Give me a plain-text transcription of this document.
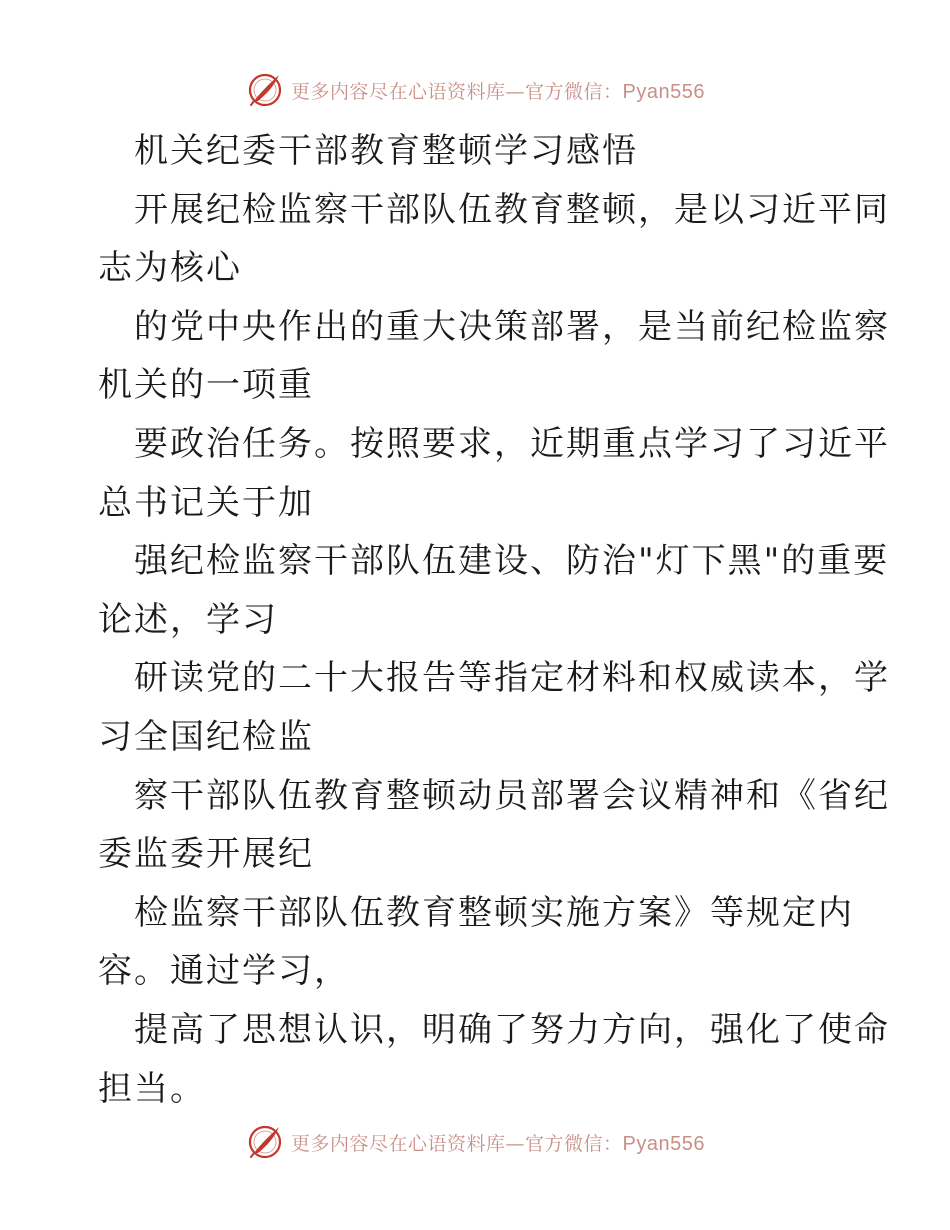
更多内容尽在心语资料库—官方微信：Pyan556
机关纪委干部教育整顿学习感悟
开展纪检监察干部队伍教育整顿，是以习近平同
志为核心
的党中央作出的重大决策部署，是当前纪检监察
机关的一项重
要政治任务。按照要求，近期重点学习了习近平
总书记关于加
强纪检监察干部队伍建设、防治"灯下黑"的重要
论述，学习
研读党的二十大报告等指定材料和权威读本，学
习全国纪检监
察干部队伍教育整顿动员部署会议精神和《省纪
委监委开展纪
检监察干部队伍教育整顿实施方案》等规定内
容。通过学习，
提高了思想认识，明确了努力方向，强化了使命
担当。
更多内容尽在心语资料库—官方微信：Pyan556
